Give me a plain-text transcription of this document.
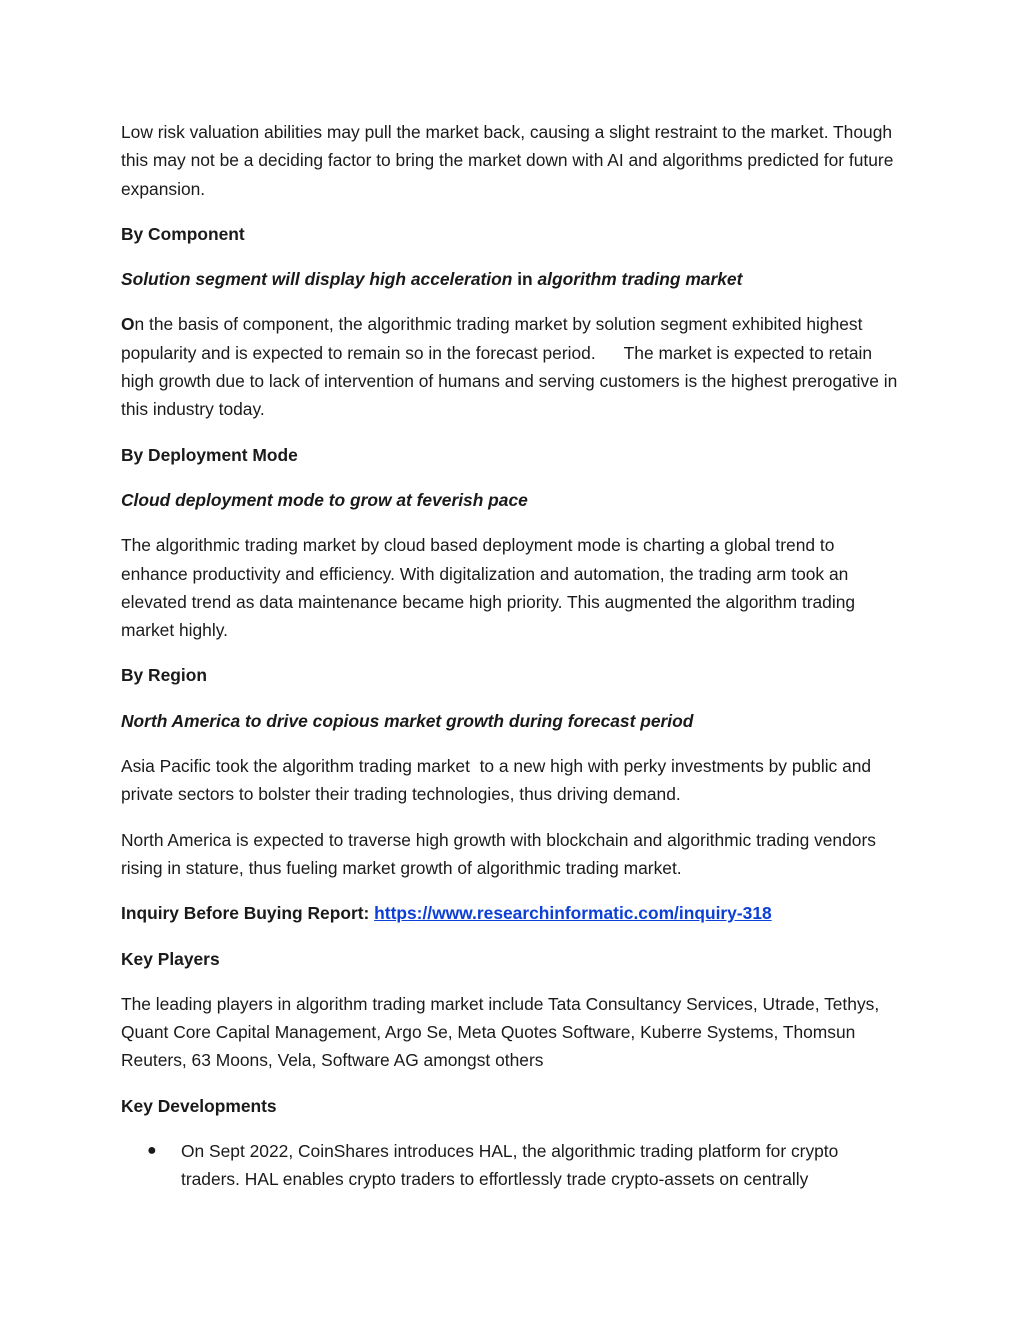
Low risk valuation abilities may pull the market back, causing a slight restraint to the market. Though this may not be a deciding factor to bring the market down with AI and algorithms predicted for future expansion.

By Component

Solution segment will display high acceleration in algorithm trading market

On the basis of component, the algorithmic trading market by solution segment exhibited highest popularity and is expected to remain so in the forecast period. The market is expected to retain high growth due to lack of intervention of humans and serving customers is the highest prerogative in this industry today.

By Deployment Mode

Cloud deployment mode to grow at feverish pace

The algorithmic trading market by cloud based deployment mode is charting a global trend to enhance productivity and efficiency. With digitalization and automation, the trading arm took an elevated trend as data maintenance became high priority. This augmented the algorithm trading market highly.

By Region

North America to drive copious market growth during forecast period

Asia Pacific took the algorithm trading market  to a new high with perky investments by public and private sectors to bolster their trading technologies, thus driving demand.

North America is expected to traverse high growth with blockchain and algorithmic trading vendors rising in stature, thus fueling market growth of algorithmic trading market.

Inquiry Before Buying Report: https://www.researchinformatic.com/inquiry-318

Key Players

The leading players in algorithm trading market include Tata Consultancy Services, Utrade, Tethys, Quant Core Capital Management, Argo Se, Meta Quotes Software, Kuberre Systems, Thomsun Reuters, 63 Moons, Vela, Software AG amongst others

Key Developments

● On Sept 2022, CoinShares introduces HAL, the algorithmic trading platform for crypto traders. HAL enables crypto traders to effortlessly trade crypto-assets on centrally
